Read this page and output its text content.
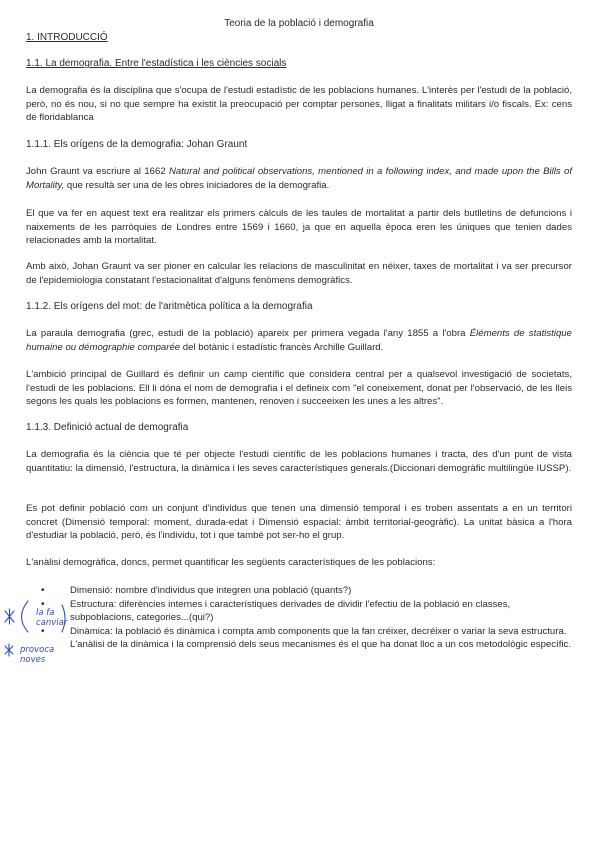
Teoria de la població i demografia
1. INTRODUCCIÓ
1.1. La demografia. Entre l'estadística i les ciències socials
La demografia és la disciplina que s'ocupa de l'estudi estadístic de les poblacions humanes. L'interès per l'estudi de la població, però, no és nou, si no que sempre ha existit la preocupació per comptar persones, lligat a finalitats militars i/o fiscals. Ex: cens de floridablanca
1.1.1. Els orígens de la demografia: Johan Graunt
John Graunt va escriure al 1662 Natural and political observations, mentioned in a following index, and made upon the Bills of Mortality, que resultà ser una de les obres iniciadores de la demografia.
El que va fer en aquest text era realitzar els primers càlculs de les taules de mortalitat a partir dels butlletins de defuncions i naixements de les parròquies de Londres entre 1569 i 1660, ja que en aquella època eren les úniques que tenien dades relacionades amb la mortalitat.
Amb això, Johan Graunt va ser pioner en calcular les relacions de masculinitat en néixer, taxes de mortalitat i va ser precursor de l'epidemiologia constatant l'estacionalitat d'alguns fenòmens demogràfics.
1.1.2. Els orígens del mot: de l'aritmètica política a la demografia
La paraula demografia (grec, estudi de la població) apareix per primera vegada l'any 1855 a l'obra Éléments de statistique humaine ou démographie comparée del botànic i estadístic francès Archille Guillard.
L'ambició principal de Guillard és definir un camp científic que considera central per a qualsevol investigació de societats, l'estudi de les poblacions. Ell li dóna el nom de demografia i el defineix com "el coneixement, donat per l'observació, de les lleis segons les quals les poblacions es formen, mantenen, renoven i succeeixen les unes a les altres".
1.1.3. Definició actual de demografia
La demografia és la ciència que té per objecte l'estudi científic de les poblacions humanes i tracta, des d'un punt de vista quantitatiu: la dimensió, l'estructura, la dinàmica i les seves característiques generals.(Diccionari demogràfic multilingüe IUSSP).
Es pot definir població com un conjunt d'individus que tenen una dimensió temporal i es troben assentats a en un territori concret (Dimensió temporal: moment, durada-edat i Dimensió espacial: àmbit territorial-geogràfic). La unitat bàsica a l'hora d'estudiar la població, però, és l'individu, tot i que també pot ser-ho el grup.
L'anàlisi demogràfica, doncs, permet quantificar les següents característiques de les poblacions:
• Dimensió: nombre d'individus que integren una població (quants?)
• Estructura: diferències internes i característiques derivades de dividir l'efectiu de la població en classes, subpoblacions, categories...(qui?)
• Dinàmica: la població és dinàmica i compta amb components que la fan créixer, decréixer o variar la seva estructura. L'anàlisi de la dinàmica i la comprensió dels seus mecanismes és el que ha donat lloc a un cos metodològic específic.
la fa canviar
provoca noves
